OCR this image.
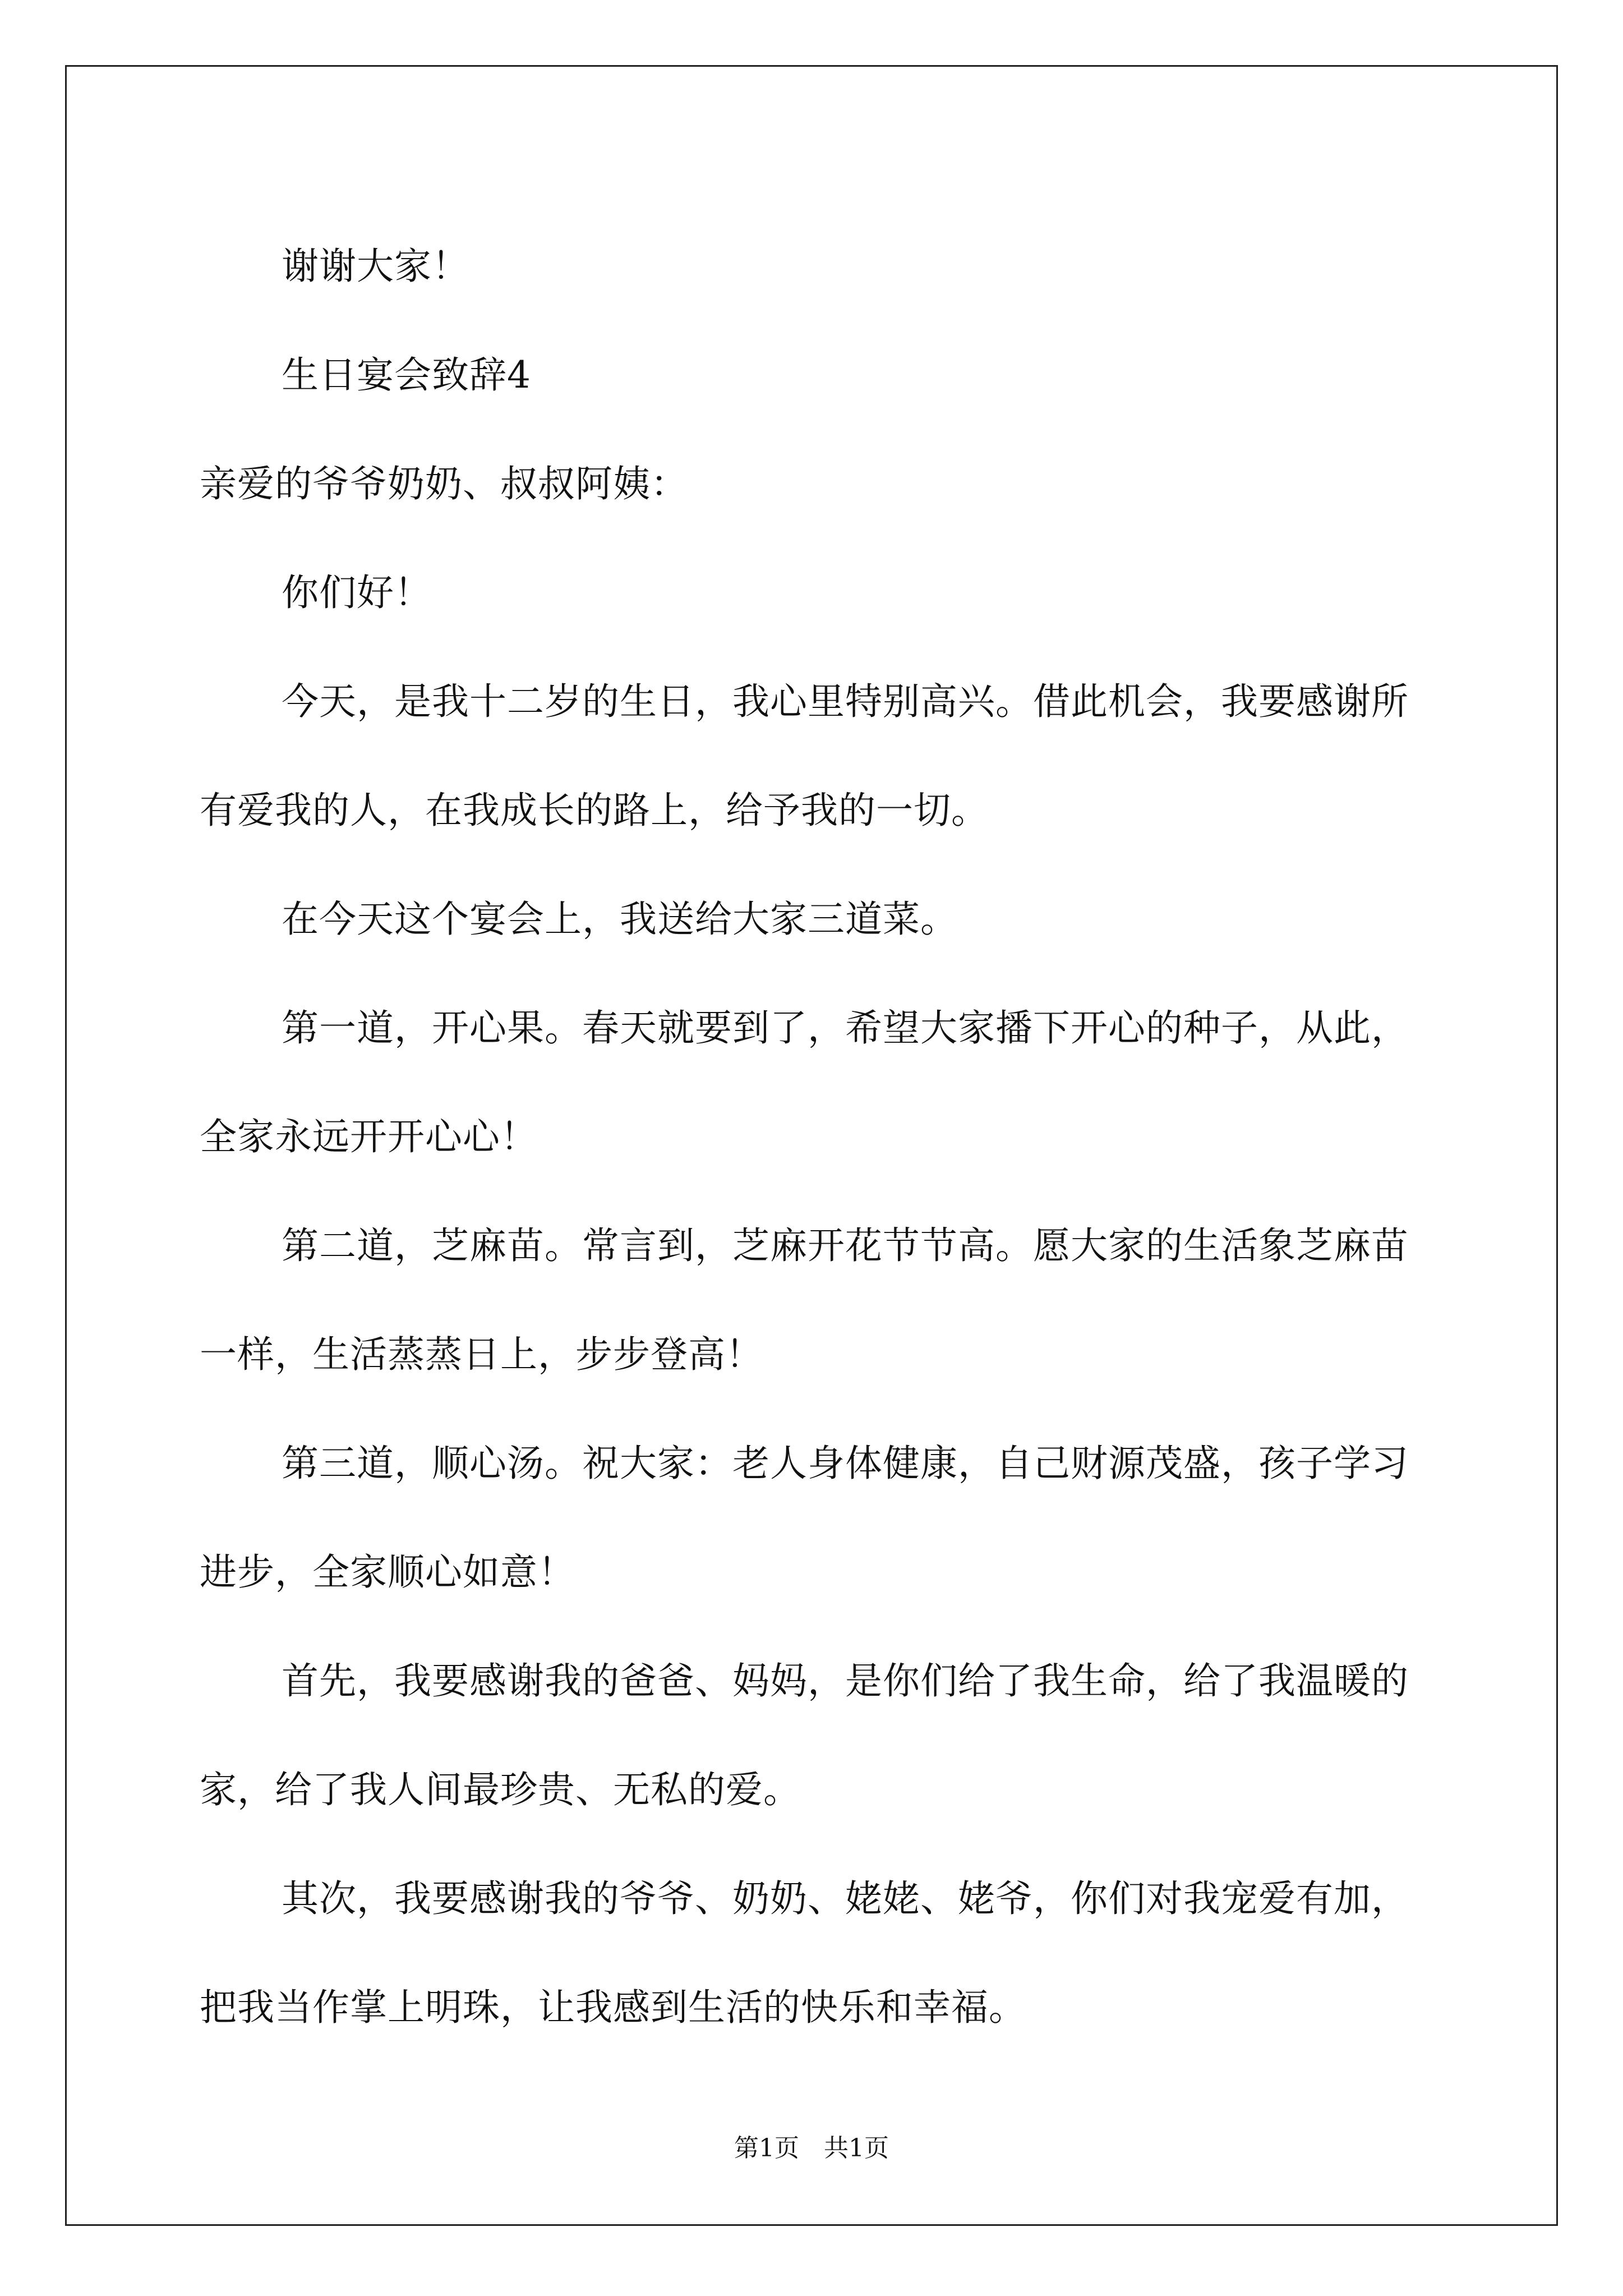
谢谢大家！

生日宴会致辞4

亲爱的爷爷奶奶、叔叔阿姨：

你们好！

今天，是我十二岁的生日，我心里特别高兴。借此机会，我要感谢所有爱我的人，在我成长的路上，给予我的一切。

在今天这个宴会上，我送给大家三道菜。

第一道，开心果。春天就要到了，希望大家播下开心的种子，从此，全家永远开开心心！

第二道，芝麻苗。常言到，芝麻开花节节高。愿大家的生活象芝麻苗一样，生活蒸蒸日上，步步登高！

第三道，顺心汤。祝大家：老人身体健康，自己财源茂盛，孩子学习进步，全家顺心如意！

首先，我要感谢我的爸爸、妈妈，是你们给了我生命，给了我温暖的家，给了我人间最珍贵、无私的爱。

其次，我要感谢我的爷爷、奶奶、姥姥、姥爷，你们对我宠爱有加，把我当作掌上明珠，让我感到生活的快乐和幸福。

第1页 共1页
